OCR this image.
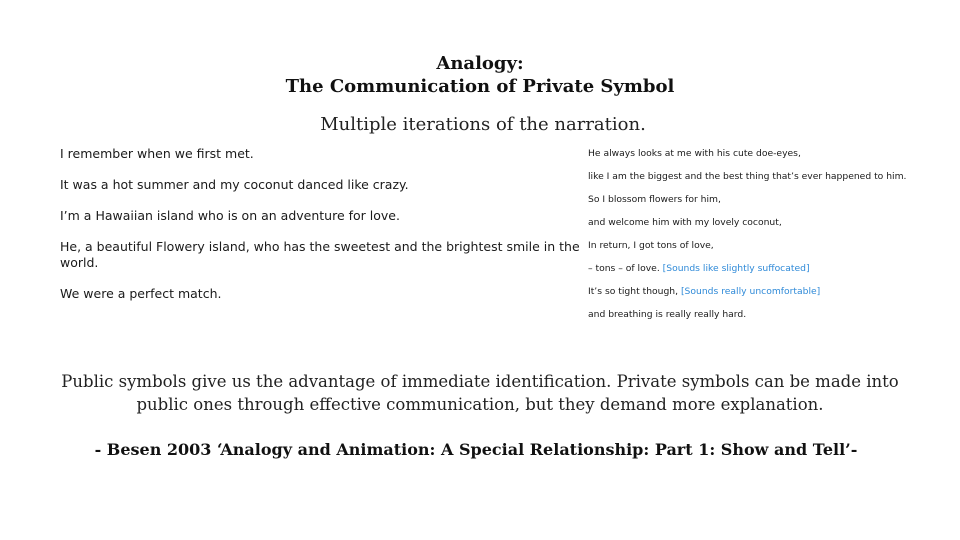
Analogy:
The Communication of Private Symbol
Multiple iterations of the narration.
I remember when we first met.
It was a hot summer and my coconut danced like crazy.
I’m a Hawaiian island who is on an adventure for love.
He, a beautiful Flowery island, who has the sweetest and the brightest smile in the world.
We were a perfect match.
He always looks at me with his cute doe-eyes,
like I am the biggest and the best thing that’s ever happened to him.
So I blossom flowers for him,
and welcome him with my lovely coconut,
In return, I got tons of love,
– tons – of love. [Sounds like slightly suffocated]
It’s so tight though, [Sounds really uncomfortable]
and breathing is really really hard.
Public symbols give us the advantage of immediate identification. Private symbols can be made into
public ones through effective communication, but they demand more explanation.
- Besen 2003 ‘Analogy and Animation: A Special Relationship: Part 1: Show and Tell’-
